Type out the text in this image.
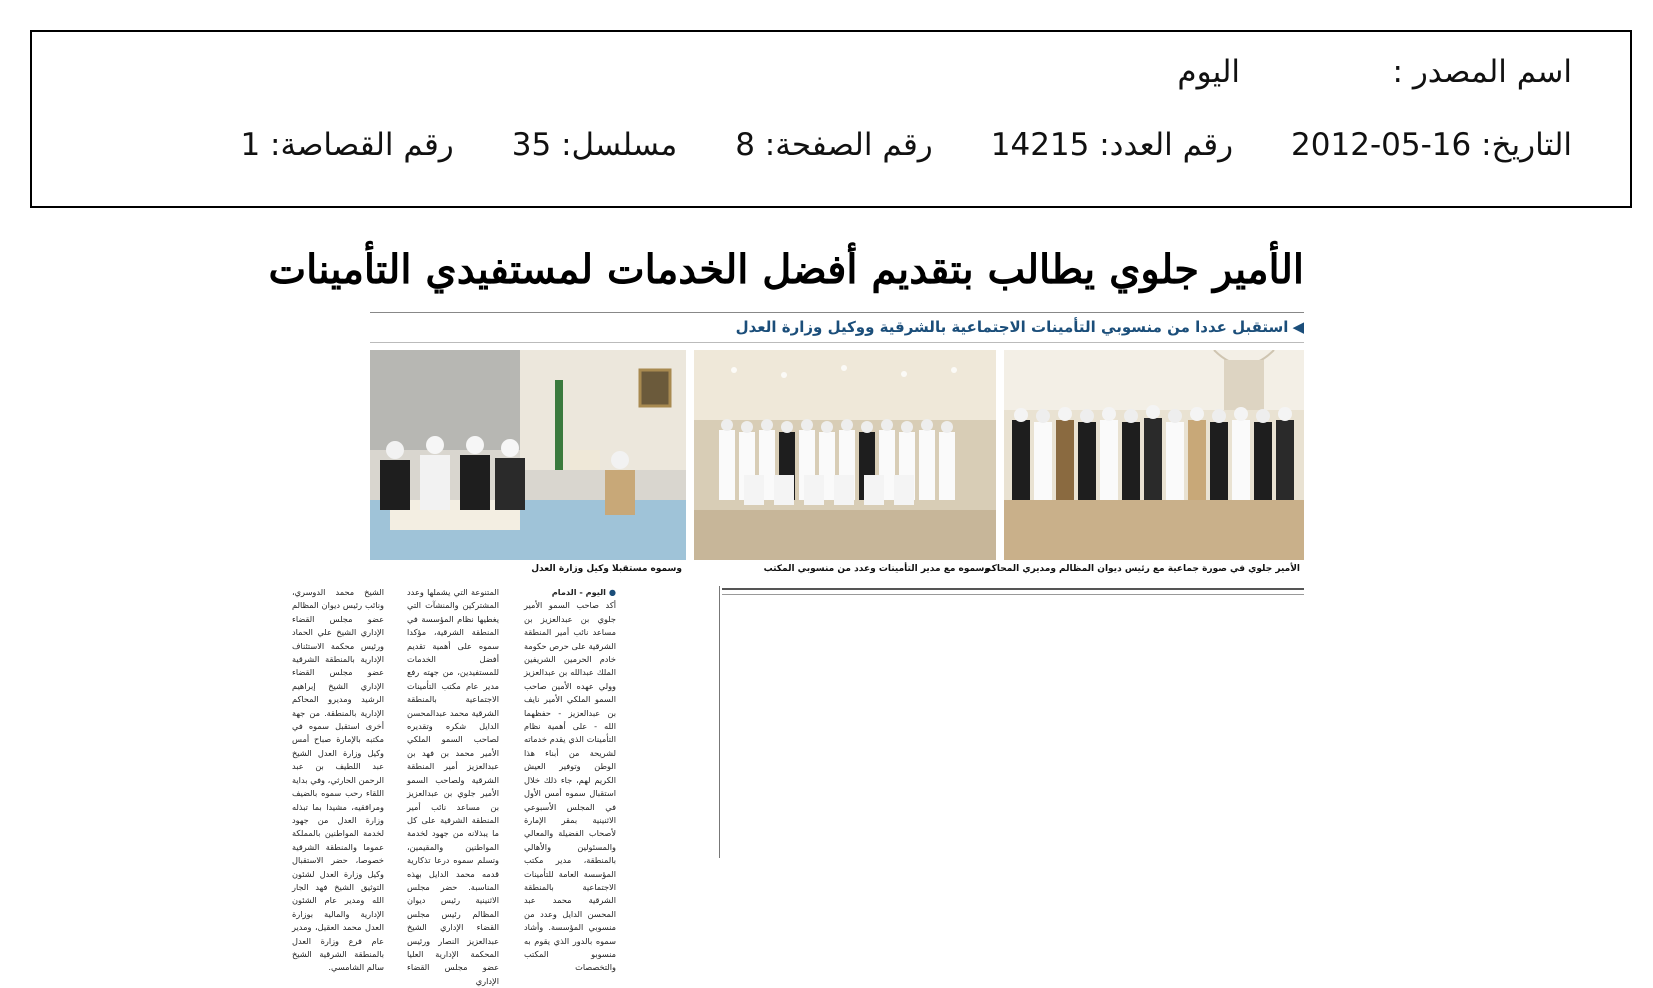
اسم المصدر :
اليوم
التاريخ: 16-05-2012
رقم العدد: 14215
رقم الصفحة: 8
مسلسل: 35
رقم القصاصة: 1
الأمير جلوي يطالب بتقديم أفضل الخدمات لمستفيدي التأمينات
◀استقبل عددا من منسوبي التأمينات الاجتماعية بالشرقية ووكيل وزارة العدل
الأمير جلوي في صورة جماعية مع رئيس ديوان المظالم ومديري المحاكم
وسموه مع مدير التأمينات وعدد من منسوبي المكتب
وسموه مستقبلا وكيل وزارة العدل
● اليوم - الدمام
أكد صاحب السمو الأمير جلوي بن عبدالعزيز بن مساعد نائب أمير المنطقة الشرقية على حرص حكومة خادم الحرمين الشريفين الملك عبدالله بن عبدالعزيز وولي عهده الأمين صاحب السمو الملكي الأمير نايف بن عبدالعزيز - حفظهما الله - على أهمية نظام التأمينات الذي يقدم خدماته لشريحة من أبناء هذا الوطن وتوفير العيش الكريم لهم، جاء ذلك خلال استقبال سموه أمس الأول في المجلس الأسبوعي الاثنينية بمقر الإمارة لأصحاب الفضيلة والمعالي والمسئولين والأهالي بالمنطقة، مدير مكتب المؤسسة العامة للتأمينات الاجتماعية بالمنطقة الشرقية محمد عبد المحسن الدايل وعدد من منسوبي المؤسسة. وأشاد سموه بالدور الذي يقوم به منسوبو المكتب والتخصصات
المتنوعة التي يشملها وعدد المشتركين والمنشآت التي يغطيها نظام المؤسسة في المنطقة الشرقية، مؤكدا سموه على أهمية تقديم أفضل الخدمات للمستفيدين، من جهته رفع مدير عام مكتب التأمينات الاجتماعية بالمنطقة الشرقية محمد عبدالمحسن الدايل شكره وتقديره لصاحب السمو الملكي الأمير محمد بن فهد بن عبدالعزيز أمير المنطقة الشرقية ولصاحب السمو الأمير جلوي بن عبدالعزيز بن مساعد نائب أمير المنطقة الشرقية على كل ما يبذلانه من جهود لخدمة المواطنين والمقيمين، وتسلم سموه درعا تذكارية قدمه محمد الدايل بهذه المناسبة. حضر مجلس الاثنينية رئيس ديوان المظالم رئيس مجلس القضاء الإداري الشيخ عبدالعزيز النصار ورئيس المحكمة الإدارية العليا عضو مجلس القضاء الإداري
الشيخ محمد الدوسري، ونائب رئيس ديوان المظالم عضو مجلس القضاء الإداري الشيخ علي الحماد ورئيس محكمة الاستئناف الإدارية بالمنطقة الشرقية عضو مجلس القضاء الإداري الشيخ إبراهيم الرشيد ومديرو المحاكم الإدارية بالمنطقة. من جهة أخرى استقبل سموه في مكتبه بالإمارة صباح أمس وكيل وزارة العدل الشيخ عبد اللطيف بن عبد الرحمن الحارثي، وفي بداية اللقاء رحب سموه بالضيف ومرافقيه، مشيدا بما تبذله وزارة العدل من جهود لخدمة المواطنين بالمملكة عموما والمنطقة الشرقية خصوصا، حضر الاستقبال وكيل وزارة العدل لشئون التوثيق الشيخ فهد الجار الله ومدير عام الشئون الإدارية والمالية بوزارة العدل محمد العقيل، ومدير عام فرع وزارة العدل بالمنطقة الشرقية الشيخ سالم الشامسي.
